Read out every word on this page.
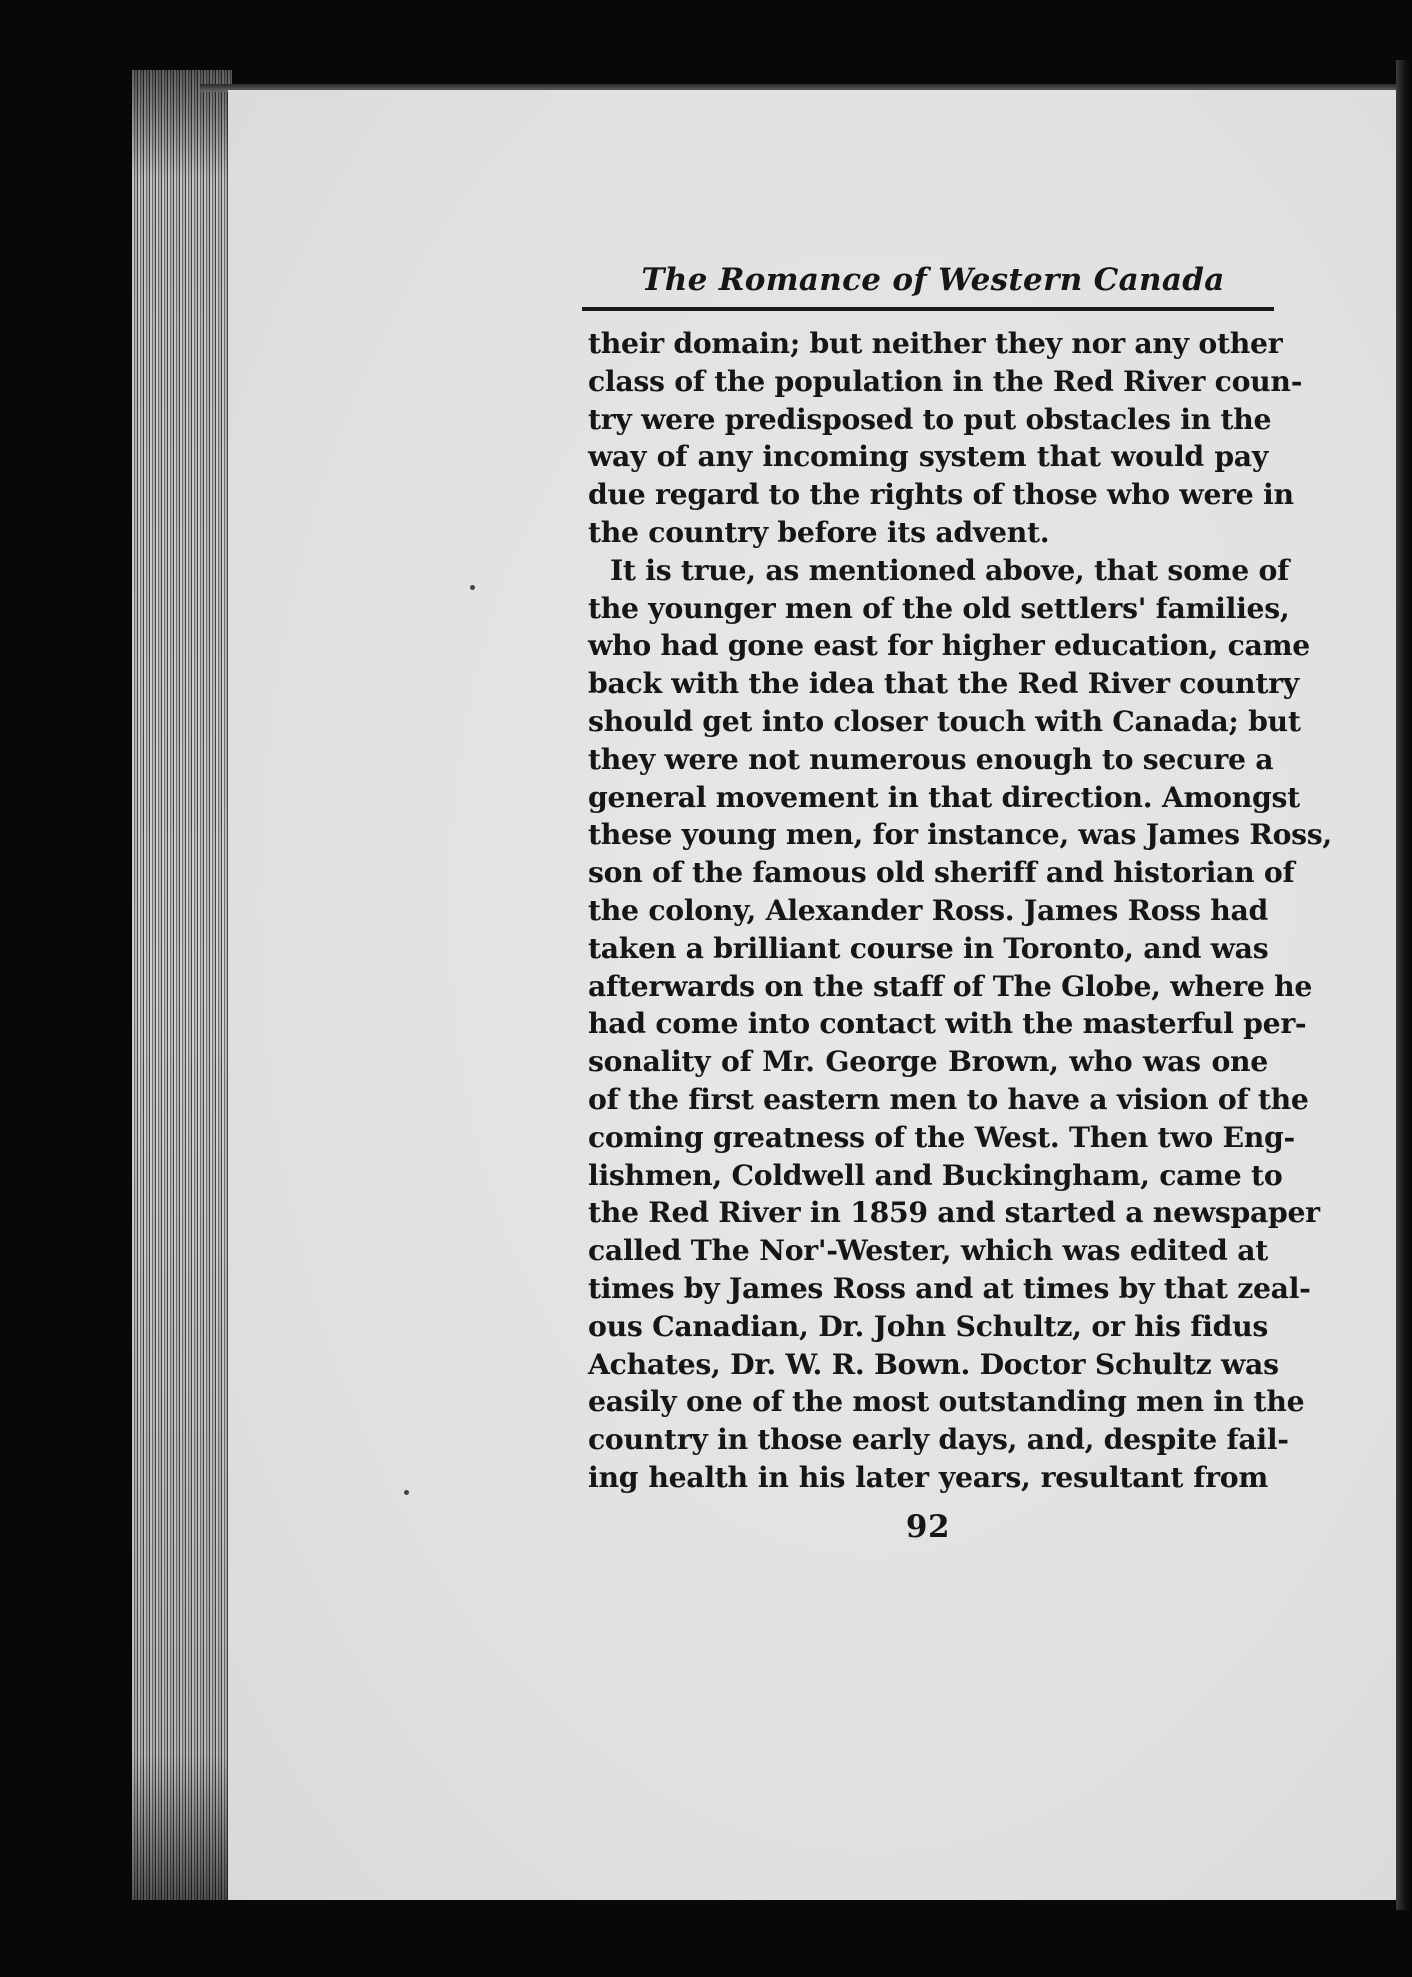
The Romance of Western Canada
their domain; but neither they nor any other
class of the population in the Red River coun-
try were predisposed to put obstacles in the
way of any incoming system that would pay
due regard to the rights of those who were in
the country before its advent.
It is true, as mentioned above, that some of
the younger men of the old settlers' families,
who had gone east for higher education, came
back with the idea that the Red River country
should get into closer touch with Canada; but
they were not numerous enough to secure a
general movement in that direction. Amongst
these young men, for instance, was James Ross,
son of the famous old sheriff and historian of
the colony, Alexander Ross. James Ross had
taken a brilliant course in Toronto, and was
afterwards on the staff of The Globe, where he
had come into contact with the masterful per-
sonality of Mr. George Brown, who was one
of the first eastern men to have a vision of the
coming greatness of the West. Then two Eng-
lishmen, Coldwell and Buckingham, came to
the Red River in 1859 and started a newspaper
called The Nor'-Wester, which was edited at
times by James Ross and at times by that zeal-
ous Canadian, Dr. John Schultz, or his fidus
Achates, Dr. W. R. Bown. Doctor Schultz was
easily one of the most outstanding men in the
country in those early days, and, despite fail-
ing health in his later years, resultant from
92
